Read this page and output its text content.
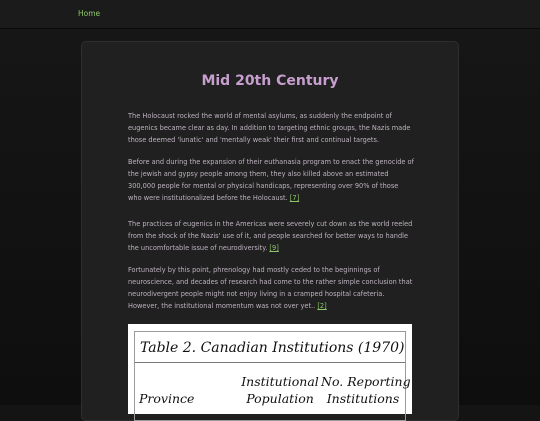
Home
Mid 20th Century

The Holocaust rocked the world of mental asylums, as suddenly the endpoint of eugenics became clear as day. In addition to targeting ethnic groups, the Nazis made those deemed 'lunatic' and 'mentally weak' their first and continual targets.

Before and during the expansion of their euthanasia program to enact the genocide of the jewish and gypsy people among them, they also killed above an estimated 300,000 people for mental or physical handicaps, representing over 90% of those who were institutionalized before the Holocaust. [7]

The practices of eugenics in the Americas were severely cut down as the world reeled from the shock of the Nazis' use of it, and people searched for better ways to handle the uncomfortable issue of neurodiversity. [9]

Fortunately by this point, phrenology had mostly ceded to the beginnings of neuroscience, and decades of research had come to the rather simple conclusion that neurodivergent people might not enjoy living in a cramped hospital cafeteria. However, the institutional momentum was not over yet.. [2]

Table 2. Canadian Institutions (1970)
Province
Institutional
Population
No. Reporting
Institutions
